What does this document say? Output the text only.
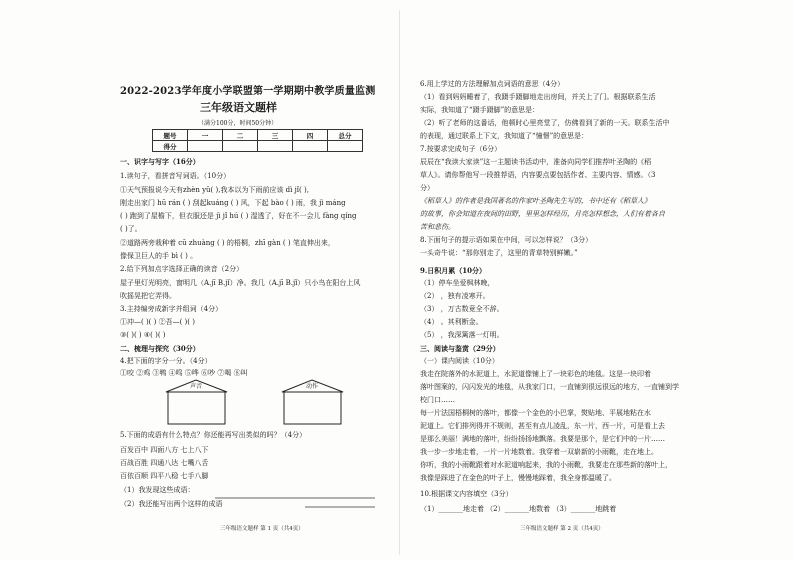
2022-2023学年度小学联盟第一学期期中教学质量监测
三年级语文题样
（满分100分，时间50分钟）
题号	一	二	三	四	总分
得分					
一、识字与写字（16分）
1.读句子，看拼音写词语。（10分）
①天气预报说今天有zhèn yǔ( ),我本以为下雨前应该 dì jǐ( ),
刚走出家门 hū rán ( ) 刮起kuáng ( ) 风，下起 bào ( ) 雨，我 jì máng
( ) 跑到了屋檐下，但衣服还是 jì jǐ hú ( ) 湿透了，好在不一会儿 fàng qíng
( )了。
②道路两旁栽种着 cū zhuàng ( ) 的梧桐，zhī gàn ( ) 笔直伸出来，
像保卫巨人的手 bì ( ) 。
2.给下列加点字选择正确的读音（2分）
屋子里灯光明亮，窗明几（A.jī B.jǐ）净。我几（A.jī B.jǐ）只小鸟在阳台上风
吹摇晃把它弄得。
3.主持编旁成新字并组词（4分）
①冲—( )( ) ②吾—( )( )
③( )( ) ④( )( )
二、梳理与探究（30分）
4.把下面的字分一分。（4分）
①咬 ②鸡 ③鸭 ④鸣 ⑤哗 ⑥吵 ⑦喝 ⑧叫
声音	动作
5.下面的成语有什么特点？你还能再写出类似的吗？（4分）
百发百中 四面八方 七上八下
百战百胜 四通八达 七嘴八舌
百依百顺 四平八稳 七手八脚
（1）我发现这些成语：
（2）我还能写出两个这样的成语
三年级语文题样 第 1 页（共4页）
6.用上学过的方法理解加点词语的意思（4分）
（1）看到妈妈睡着了，我蹑手蹑脚地走出房间，并关上了门。根据联系生活
实际，我知道了“蹑手蹑脚”的意思是：
（2）听了老师的这番话，他顿时心里亮堂了，仿佛看到了新的一天。联系生活中
的表现，通过联系上下文，我知道了“憧憬”的意思是：
7.按要求完成句子（6分）
辰辰在“我读大家读”这一主题读书活动中，准备向同学们推荐叶圣陶的《稻
草人》。请你帮他写一段推荐语，内容要点要包括作者、主要内容、情感。（3
分）
《稻草人》的作者是我国著名的作家叶圣陶先生写的，书中还有《稻草人》
的故事，你会知道在夜间的田野，里里怎样经历，月亮怎样想念，人们有着各自
苦和悲伤。
8.下面句子的提示语如果在中间，可以怎样说？（3分）
一头奇牛说：“那你别走了，这里的青草特别鲜嫩。”
9.日积月累（10分）
（1）停车坐爱枫林晚，
（2） ，独有凌寒开。
（3） ，万古数竟全不辞。
（4） 。其利断金。
（5） ，我深篱落一灯明。
三、阅读与鉴赏（29分）
（一）课内阅读（10分）
我走在院落外的水泥道上，水泥道像铺上了一块彩色的地毯。这是一块印着
落叶图案的，闪闪发光的地毯，从我家门口，一直铺到很远很远的地方，一直铺到学
校门口……
每一片法国梧桐树的落叶，都像一个金色的小巴掌，熨贴地、平展地粘在水
泥道上。它们排列得并不规则，甚至有点儿凌乱，东一片，西一片，可是看上去
是那么美丽！满地的落叶，纷纷扬扬地飘落。我要是那个，是它们中的一片……
我一步一步地走着，一片一片地数着。我穿着一双崭新的小雨靴，走在地上。
你听，我的小雨靴跟着对水泥道响起来，我的小雨靴，我要走在那些新的落叶上，
我像是踩进了在金色的叶子上，慢慢地踩着，我全身都温暖了。
10.根据课文内容填空（3分）
（1）_______地走着 （2）_______地数着 （3）_______地跳着
三年级语文题样 第 2 页（共4页）
